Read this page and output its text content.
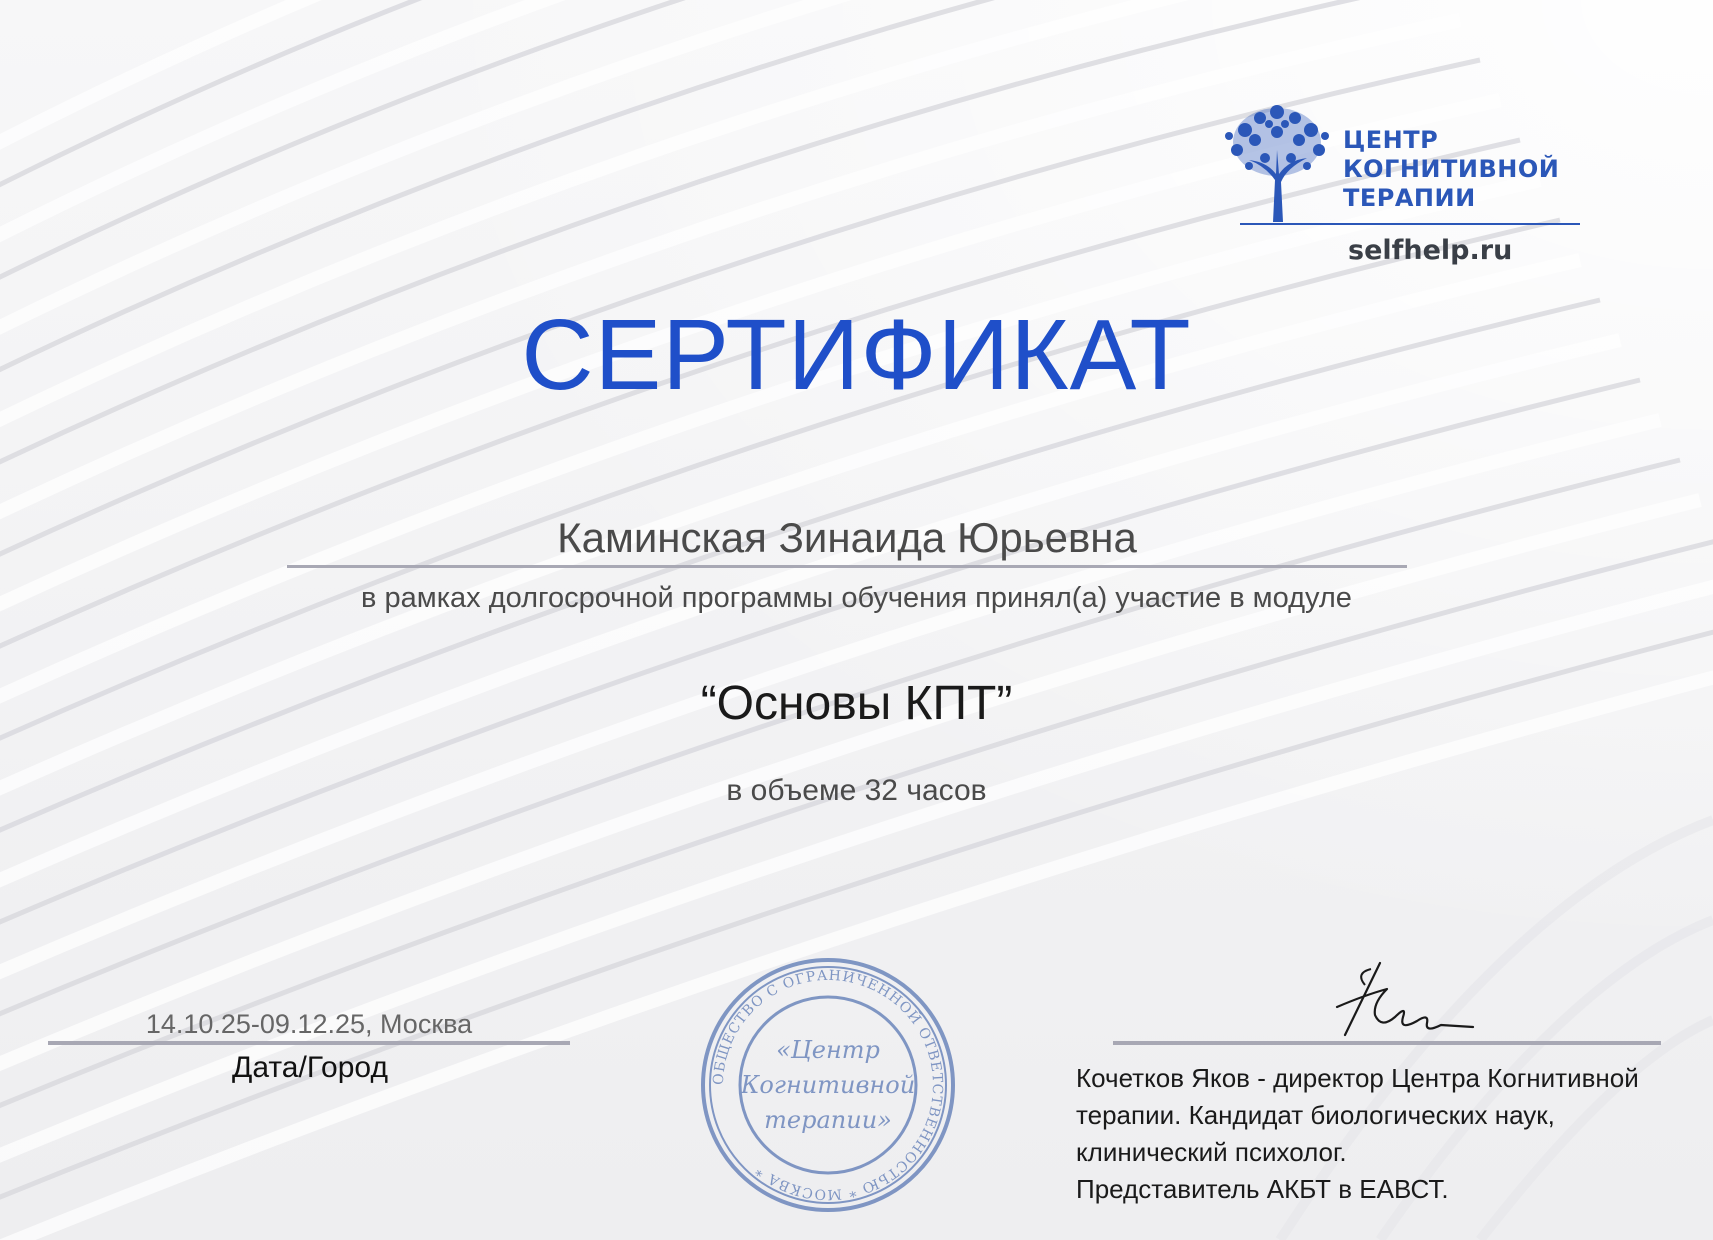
ЦЕНТР
КОГНИТИВНОЙ
ТЕРАПИИ
selfhelp.ru
СЕРТИФИКАТ
Каминская Зинаида Юрьевна
в рамках долгосрочной программы обучения принял(а) участие в модуле
“Основы КПТ”
в объеме 32 часов
14.10.25-09.12.25, Москва
Дата/Город	ОБЩЕСТВО С ОГРАНИЧЕННОЙ ОТВЕТСТВЕННОСТЬЮ * МОСКВА *
«Центр
Когнитивной
терапии»
Кочетков Яков - директор Центра Когнитивной
терапии. Кандидат биологических наук,
клинический психолог.
Представитель АКБТ в ЕАВСТ.
